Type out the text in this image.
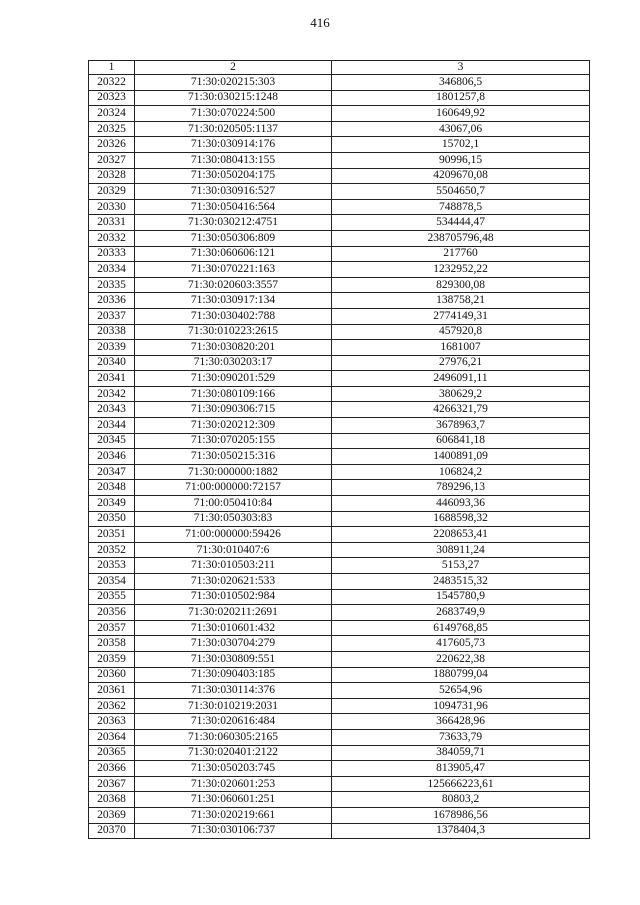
416
1	2	3
20322	71:30:020215:303	346806,5
20323	71:30:030215:1248	1801257,8
20324	71:30:070224:500	160649,92
20325	71:30:020505:1137	43067,06
20326	71:30:030914:176	15702,1
20327	71:30:080413:155	90996,15
20328	71:30:050204:175	4209670,08
20329	71:30:030916:527	5504650,7
20330	71:30:050416:564	748878,5
20331	71:30:030212:4751	534444,47
20332	71:30:050306:809	238705796,48
20333	71:30:060606:121	217760
20334	71:30:070221:163	1232952,22
20335	71:30:020603:3557	829300,08
20336	71:30:030917:134	138758,21
20337	71:30:030402:788	2774149,31
20338	71:30:010223:2615	457920,8
20339	71:30:030820:201	1681007
20340	71:30:030203:17	27976,21
20341	71:30:090201:529	2496091,11
20342	71:30:080109:166	380629,2
20343	71:30:090306:715	4266321,79
20344	71:30:020212:309	3678963,7
20345	71:30:070205:155	606841,18
20346	71:30:050215:316	1400891,09
20347	71:30:000000:1882	106824,2
20348	71:00:000000:72157	789296,13
20349	71:00:050410:84	446093,36
20350	71:30:050303:83	1688598,32
20351	71:00:000000:59426	2208653,41
20352	71:30:010407:6	308911,24
20353	71:30:010503:211	5153,27
20354	71:30:020621:533	2483515,32
20355	71:30:010502:984	1545780,9
20356	71:30:020211:2691	2683749,9
20357	71:30:010601:432	6149768,85
20358	71:30:030704:279	417605,73
20359	71:30:030809:551	220622,38
20360	71:30:090403:185	1880799,04
20361	71:30:030114:376	52654,96
20362	71:30:010219:2031	1094731,96
20363	71:30:020616:484	366428,96
20364	71:30:060305:2165	73633,79
20365	71:30:020401:2122	384059,71
20366	71:30:050203:745	813905,47
20367	71:30:020601:253	125666223,61
20368	71:30:060601:251	80803,2
20369	71:30:020219:661	1678986,56
20370	71:30:030106:737	1378404,3
